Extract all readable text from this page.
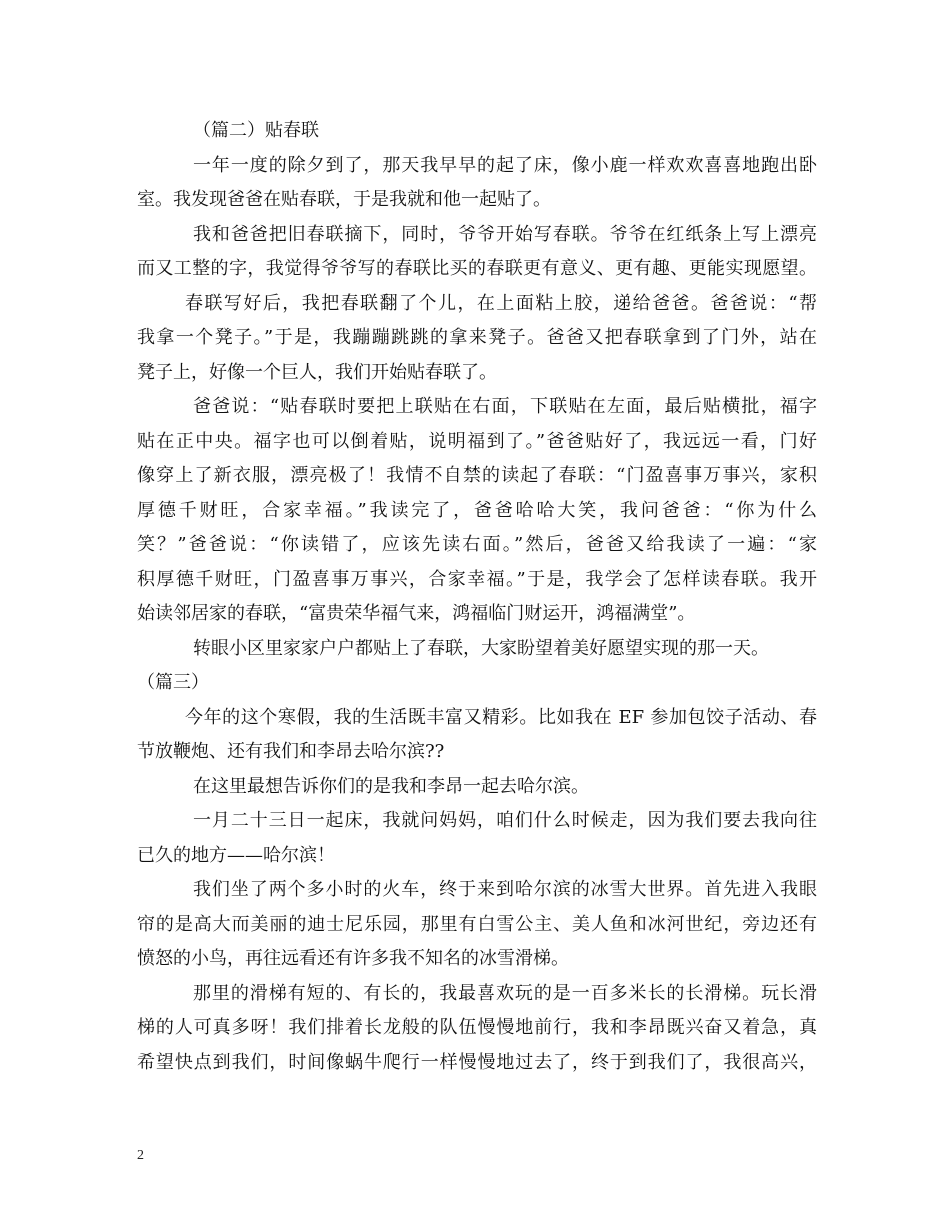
（篇二）贴春联
一年一度的除夕到了，那天我早早的起了床，像小鹿一样欢欢喜喜地跑出卧
室。我发现爸爸在贴春联，于是我就和他一起贴了。
我和爸爸把旧春联摘下，同时，爷爷开始写春联。爷爷在红纸条上写上漂亮
而又工整的字，我觉得爷爷写的春联比买的春联更有意义、更有趣、更能实现愿望。
春联写好后，我把春联翻了个儿，在上面粘上胶，递给爸爸。爸爸说：“帮
我拿一个凳子。”于是，我蹦蹦跳跳的拿来凳子。爸爸又把春联拿到了门外，站在
凳子上，好像一个巨人，我们开始贴春联了。
爸爸说：“贴春联时要把上联贴在右面，下联贴在左面，最后贴横批，福字
贴在正中央。福字也可以倒着贴，说明福到了。”爸爸贴好了，我远远一看，门好
像穿上了新衣服，漂亮极了！我情不自禁的读起了春联：“门盈喜事万事兴，家积
厚德千财旺，合家幸福。”我读完了，爸爸哈哈大笑，我问爸爸：“你为什么
笑？”爸爸说：“你读错了，应该先读右面。”然后，爸爸又给我读了一遍：“家
积厚德千财旺，门盈喜事万事兴，合家幸福。”于是，我学会了怎样读春联。我开
始读邻居家的春联，“富贵荣华福气来，鸿福临门财运开，鸿福满堂”。
转眼小区里家家户户都贴上了春联，大家盼望着美好愿望实现的那一天。
（篇三）
今年的这个寒假，我的生活既丰富又精彩。比如我在 EF 参加包饺子活动、春
节放鞭炮、还有我们和李昂去哈尔滨??
在这里最想告诉你们的是我和李昂一起去哈尔滨。
一月二十三日一起床，我就问妈妈，咱们什么时候走，因为我们要去我向往
已久的地方——哈尔滨！
我们坐了两个多小时的火车，终于来到哈尔滨的冰雪大世界。首先进入我眼
帘的是高大而美丽的迪士尼乐园，那里有白雪公主、美人鱼和冰河世纪，旁边还有
愤怒的小鸟，再往远看还有许多我不知名的冰雪滑梯。
那里的滑梯有短的、有长的，我最喜欢玩的是一百多米长的长滑梯。玩长滑
梯的人可真多呀！我们排着长龙般的队伍慢慢地前行，我和李昂既兴奋又着急，真
希望快点到我们，时间像蜗牛爬行一样慢慢地过去了，终于到我们了，我很高兴，
2
